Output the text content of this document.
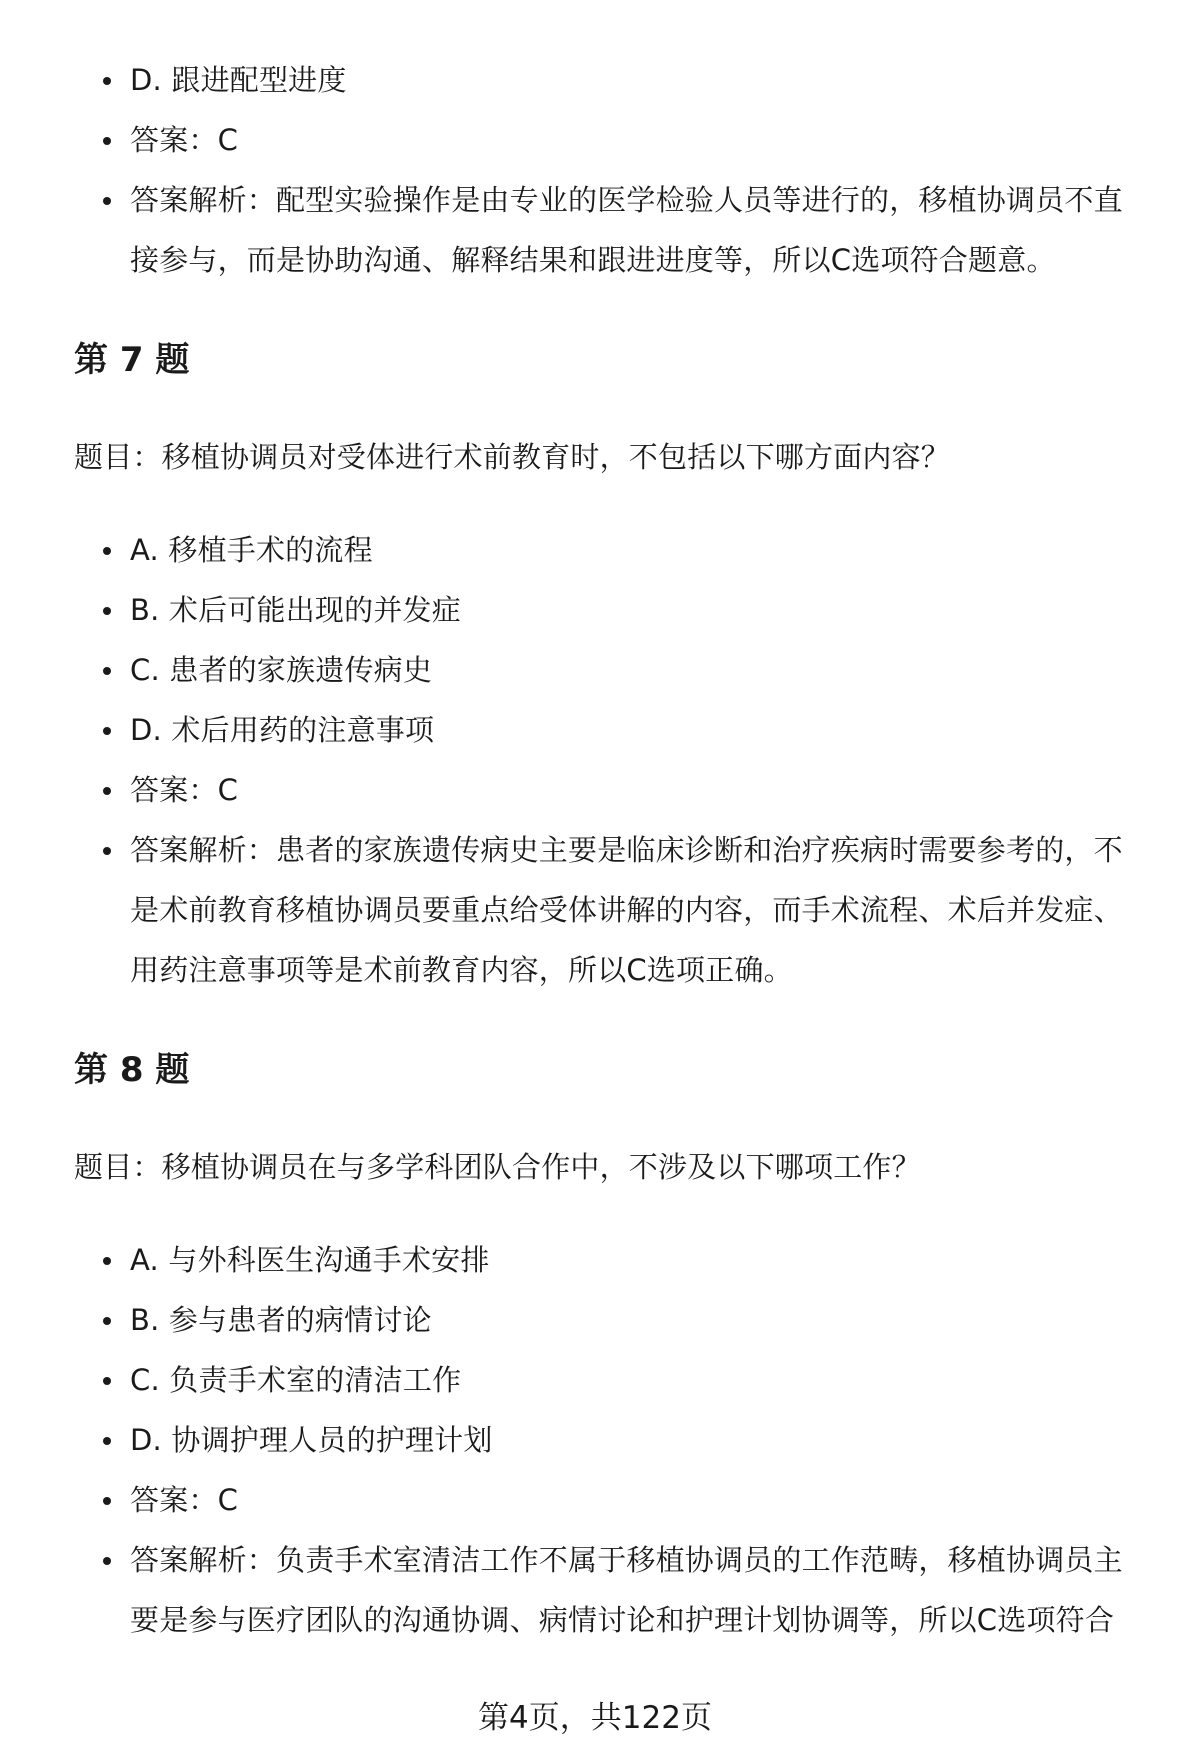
D. 跟进配型进度
答案：C
答案解析：配型实验操作是由专业的医学检验人员等进行的，移植协调员不直接参与，而是协助沟通、解释结果和跟进进度等，所以C选项符合题意。
第 7 题

题目：移植协调员对受体进行术前教育时，不包括以下哪方面内容？

A. 移植手术的流程
B. 术后可能出现的并发症
C. 患者的家族遗传病史
D. 术后用药的注意事项
答案：C
答案解析：患者的家族遗传病史主要是临床诊断和治疗疾病时需要参考的，不是术前教育移植协调员要重点给受体讲解的内容，而手术流程、术后并发症、用药注意事项等是术前教育内容，所以C选项正确。
第 8 题

题目：移植协调员在与多学科团队合作中，不涉及以下哪项工作？

A. 与外科医生沟通手术安排
B. 参与患者的病情讨论
C. 负责手术室的清洁工作
D. 协调护理人员的护理计划
答案：C
答案解析：负责手术室清洁工作不属于移植协调员的工作范畴，移植协调员主要是参与医疗团队的沟通协调、病情讨论和护理计划协调等，所以C选项符合
第4页，共122页
